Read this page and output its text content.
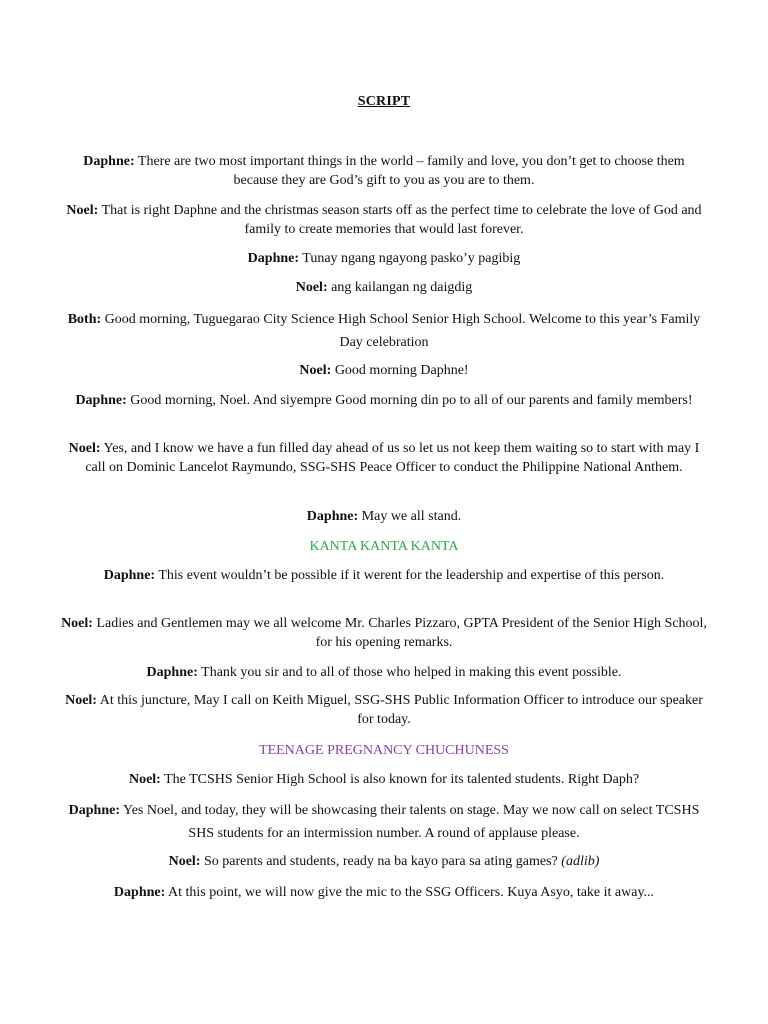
SCRIPT
Daphne: There are two most important things in the world – family and love, you don’t get to choose them because they are God’s gift to you as you are to them.
Noel: That is right Daphne and the christmas season starts off as the perfect time to celebrate the love of God and family to create memories that would last forever.
Daphne: Tunay ngang ngayong pasko’y pagibig
Noel: ang kailangan ng daigdig
Both: Good morning, Tuguegarao City Science High School Senior High School. Welcome to this year’s Family Day celebration
Noel: Good morning Daphne!
Daphne: Good morning, Noel. And siyempre Good morning din po to all of our parents and family members!
Noel: Yes, and I know we have a fun filled day ahead of us so let us not keep them waiting so to start with may I call on Dominic Lancelot Raymundo, SSG-SHS Peace Officer to conduct the Philippine National Anthem.
Daphne: May we all stand.
KANTA KANTA KANTA
Daphne: This event wouldn’t be possible if it werent for the leadership and expertise of this person.
Noel: Ladies and Gentlemen may we all welcome Mr. Charles Pizzaro, GPTA President of the Senior High School, for his opening remarks.
Daphne: Thank you sir and to all of those who helped in making this event possible.
Noel: At this juncture, May I call on Keith Miguel, SSG-SHS Public Information Officer to introduce our speaker for today.
TEENAGE PREGNANCY CHUCHUNESS
Noel: The TCSHS Senior High School is also known for its talented students. Right Daph?
Daphne: Yes Noel, and today, they will be showcasing their talents on stage. May we now call on select TCSHS SHS students for an intermission number. A round of applause please.
Noel: So parents and students, ready na ba kayo para sa ating games? (adlib)
Daphne: At this point, we will now give the mic to the SSG Officers. Kuya Asyo, take it away...
